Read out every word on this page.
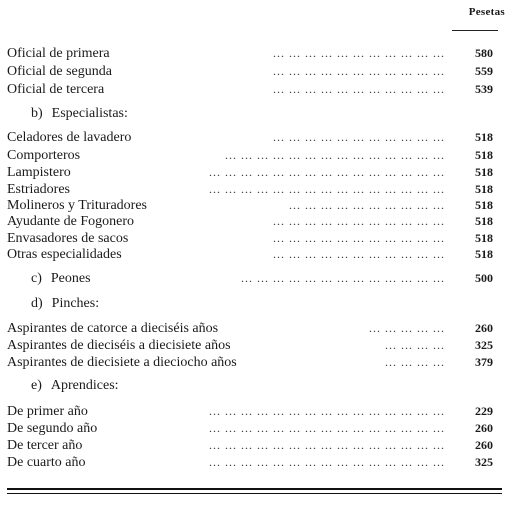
Pesetas
... ... ... ... ... ... ... ... ... ... ...
Oficial de primera	580
... ... ... ... ... ... ... ... ... ... ...
Oficial de segunda	559
... ... ... ... ... ... ... ... ... ... ...
Oficial de tercera	539
b) Especialistas:
... ... ... ... ... ... ... ... ... ... ...
Celadores de lavadero	518
... ... ... ... ... ... ... ... ... ... ... ... ... ...
Comporteros	518
... ... ... ... ... ... ... ... ... ... ... ... ... ... ...
Lampistero	518
... ... ... ... ... ... ... ... ... ... ... ... ... ... ...
Estriadores	518
... ... ... ... ... ... ... ... ... ...
Molineros y Trituradores	518
... ... ... ... ... ... ... ... ... ... ...
Ayudante de Fogonero	518
... ... ... ... ... ... ... ... ... ... ...
Envasadores de sacos	518
... ... ... ... ... ... ... ... ... ... ...
Otras especialidades	518
... ... ... ... ... ... ... ... ... ... ... ... ...
c) Peones	500
d) Pinches:
... ... ... ... ...
Aspirantes de catorce a dieciséis años	260
... ... ... ...
Aspirantes de dieciséis a diecisiete años	325
... ... ... ...
Aspirantes de diecisiete a dieciocho años	379
e) Aprendices:
... ... ... ... ... ... ... ... ... ... ... ... ... ... ...
De primer año	229
... ... ... ... ... ... ... ... ... ... ... ... ... ... ...
De segundo año	260
... ... ... ... ... ... ... ... ... ... ... ... ... ... ...
De tercer año	260
... ... ... ... ... ... ... ... ... ... ... ... ... ... ...
De cuarto año	325
